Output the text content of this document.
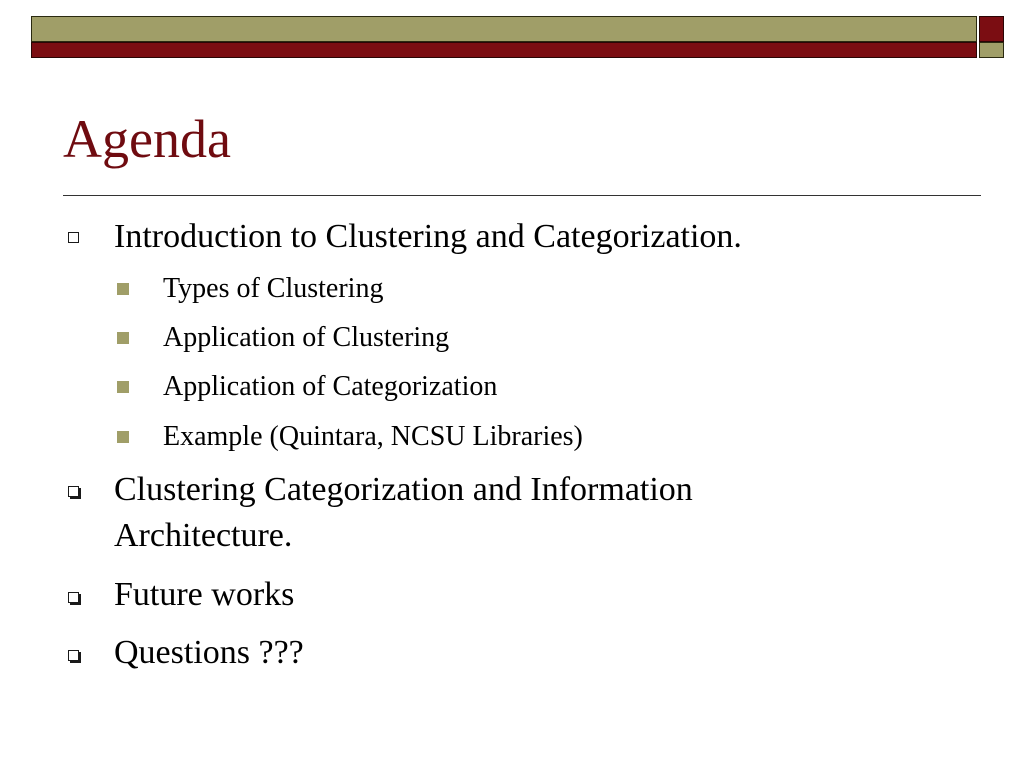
Agenda
Introduction to Clustering and Categorization.
Types of Clustering
Application of Clustering
Application of Categorization
Example (Quintara, NCSU Libraries)
Clustering Categorization and Information Architecture.
Future works
Questions ???
